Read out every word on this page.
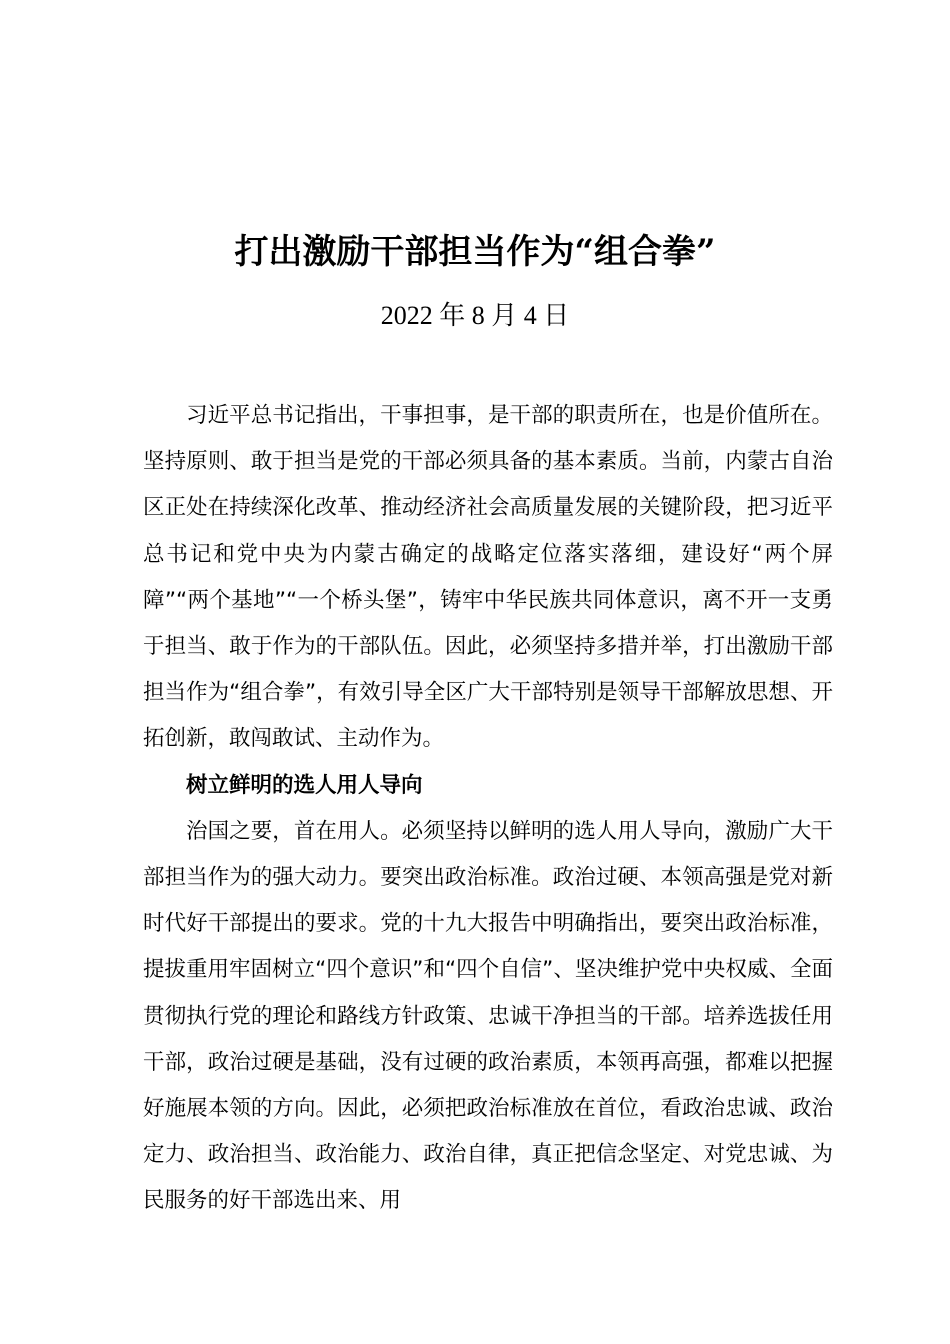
打出激励干部担当作为“组合拳”
2022 年 8 月 4 日

习近平总书记指出，干事担事，是干部的职责所在，也是价值所在。坚持原则、敢于担当是党的干部必须具备的基本素质。当前，内蒙古自治区正处在持续深化改革、推动经济社会高质量发展的关键阶段，把习近平总书记和党中央为内蒙古确定的战略定位落实落细，建设好“两个屏障”“两个基地”“一个桥头堡”，铸牢中华民族共同体意识，离不开一支勇于担当、敢于作为的干部队伍。因此，必须坚持多措并举，打出激励干部担当作为“组合拳”，有效引导全区广大干部特别是领导干部解放思想、开拓创新，敢闯敢试、主动作为。

树立鲜明的选人用人导向

治国之要，首在用人。必须坚持以鲜明的选人用人导向，激励广大干部担当作为的强大动力。要突出政治标准。政治过硬、本领高强是党对新时代好干部提出的要求。党的十九大报告中明确指出，要突出政治标准，提拔重用牢固树立“四个意识”和“四个自信”、坚决维护党中央权威、全面贯彻执行党的理论和路线方针政策、忠诚干净担当的干部。培养选拔任用干部，政治过硬是基础，没有过硬的政治素质，本领再高强，都难以把握好施展本领的方向。因此，必须把政治标准放在首位，看政治忠诚、政治定力、政治担当、政治能力、政治自律，真正把信念坚定、对党忠诚、为民服务的好干部选出来、用
